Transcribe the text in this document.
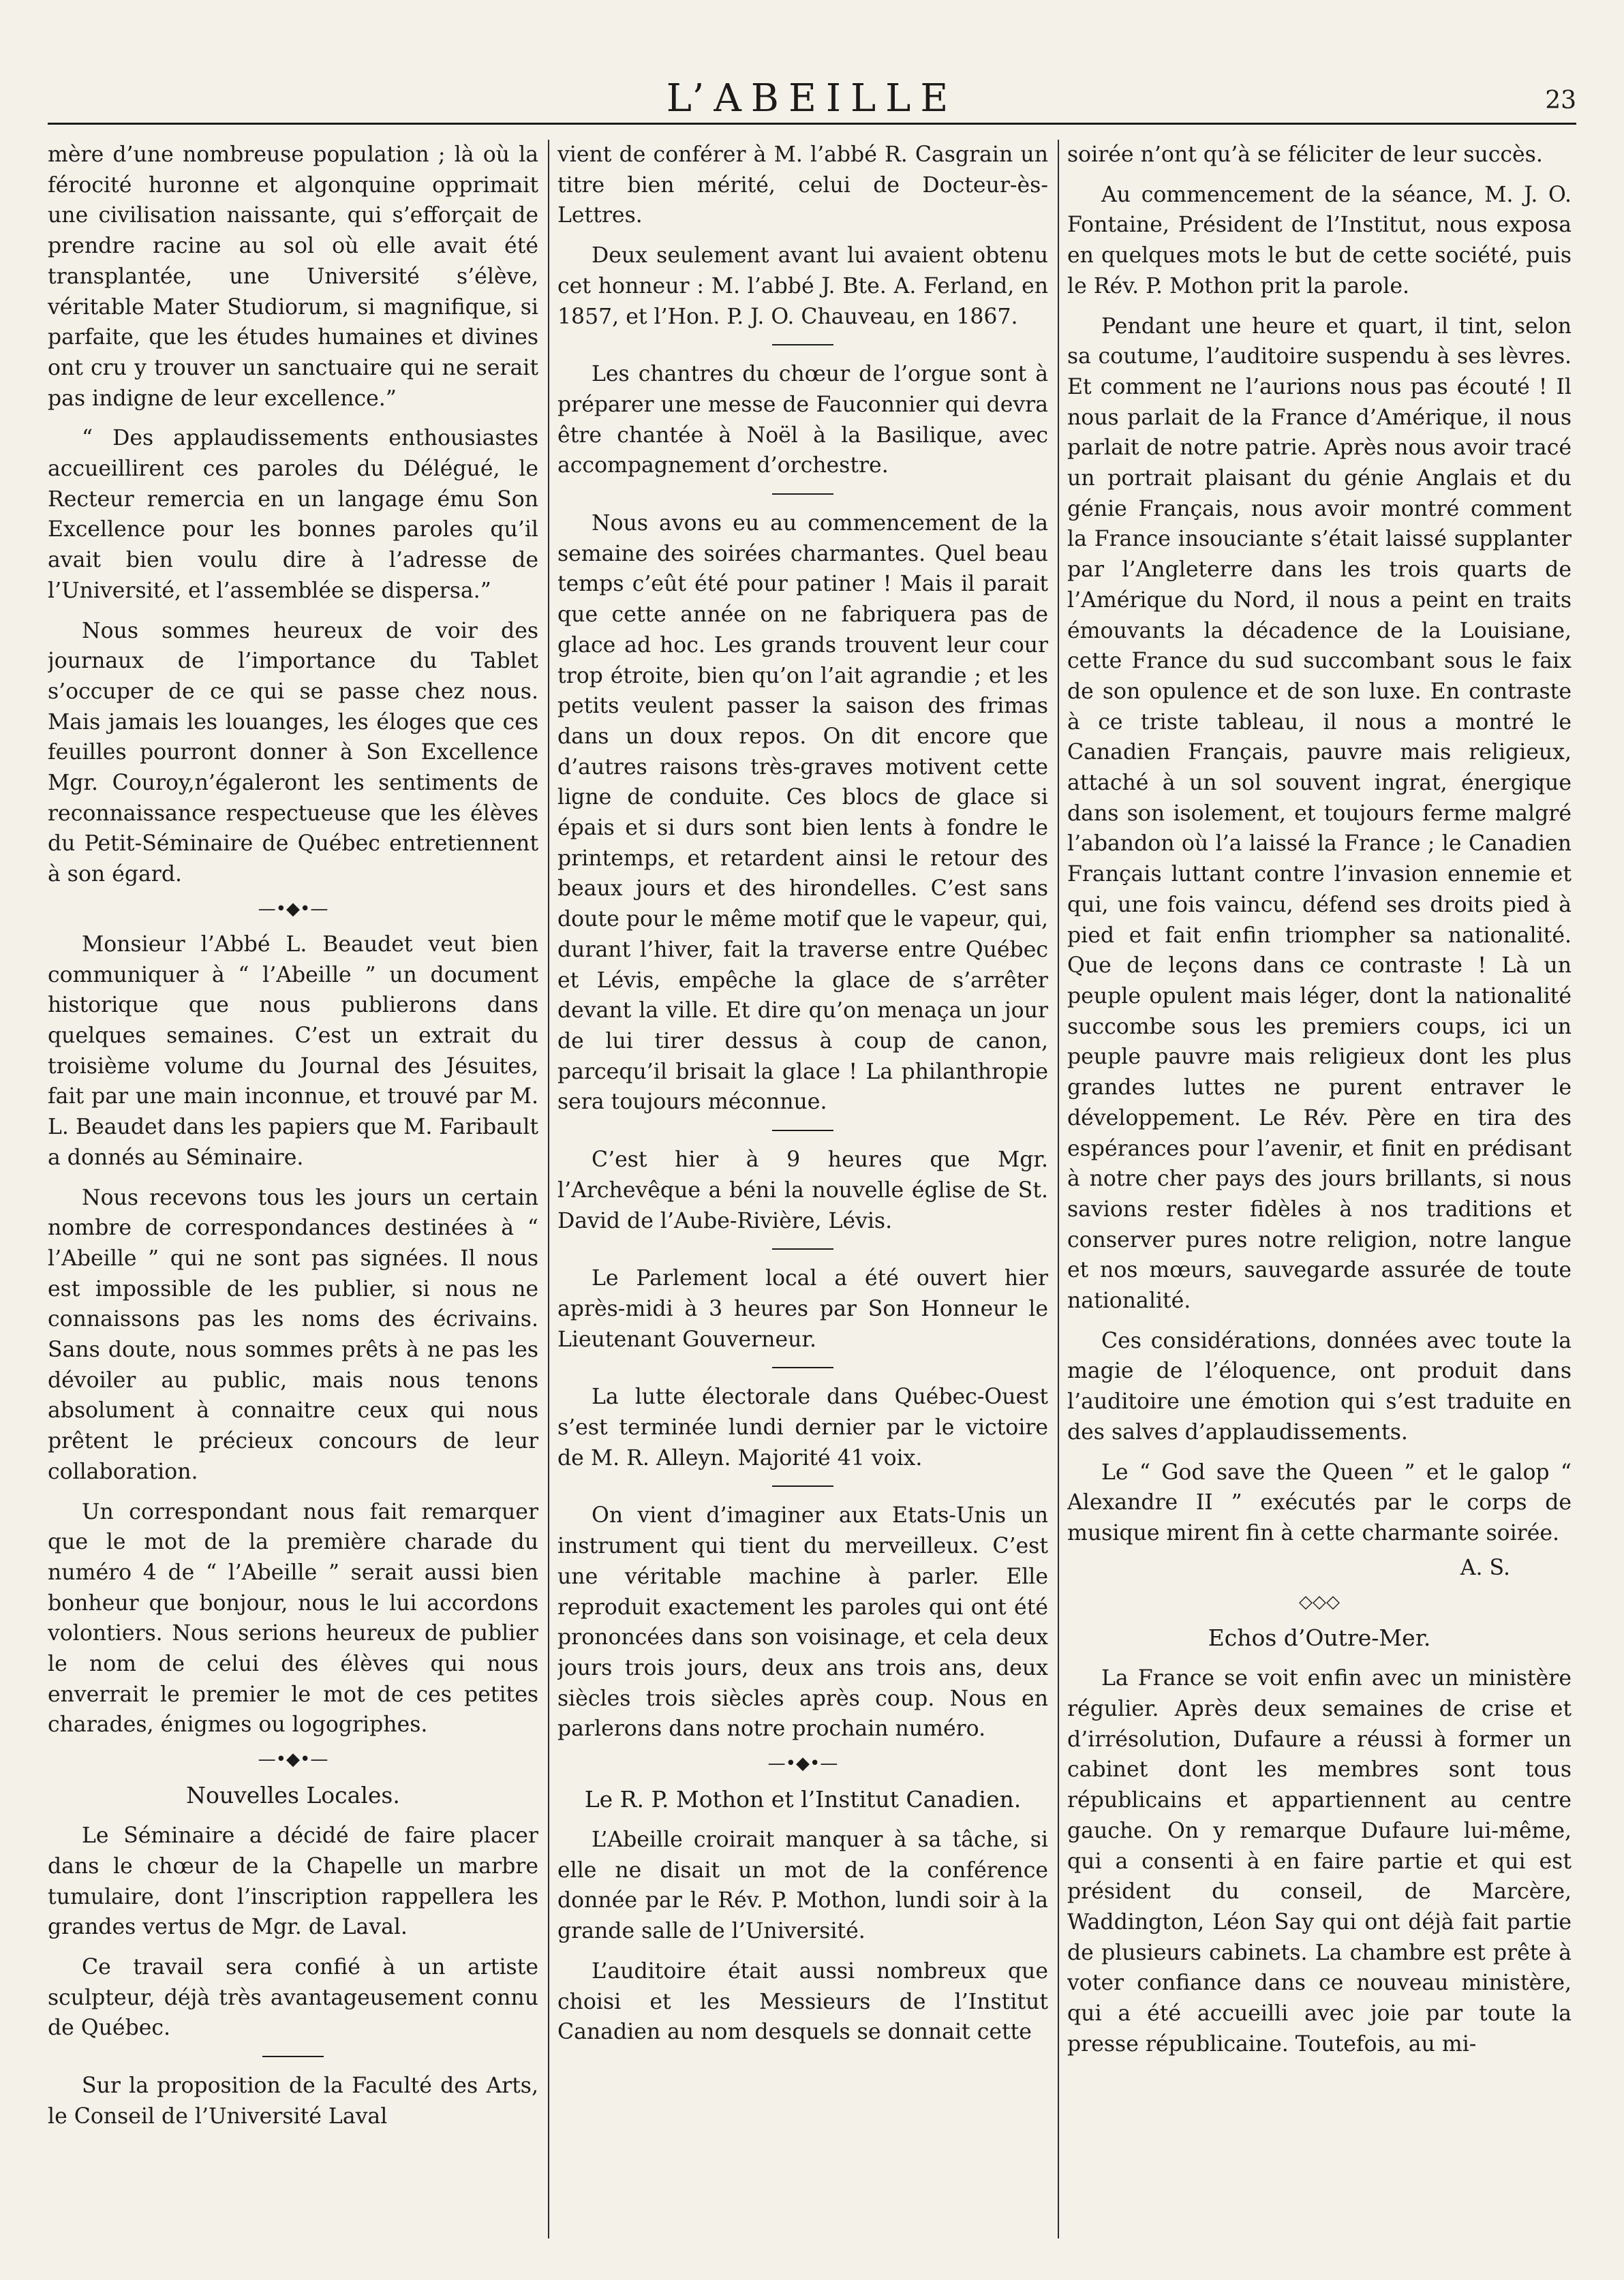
L’ABEILLE	23

mère d’une nombreuse population ; là où la férocité huronne et algonquine opprimait une civilisation naissante, qui s’efforçait de prendre racine au sol où elle avait été transplantée, une Université s’élève, véritable Mater Studiorum, si magnifique, si parfaite, que les études humaines et divines ont cru y trouver un sanctuaire qui ne serait pas indigne de leur excellence.”

“ Des applaudissements enthousiastes accueillirent ces paroles du Délégué, le Recteur remercia en un langage ému Son Excellence pour les bonnes paroles qu’il avait bien voulu dire à l’adresse de l’Université, et l’assemblée se dispersa.”

Nous sommes heureux de voir des journaux de l’importance du Tablet s’occuper de ce qui se passe chez nous. Mais jamais les louanges, les éloges que ces feuilles pourront donner à Son Excellence Mgr. Couroy,n’égaleront les sentiments de reconnaissance respectueuse que les élèves du Petit-Séminaire de Québec entretiennent à son égard.

—•◆•—

Monsieur l’Abbé L. Beaudet veut bien communiquer à “ l’Abeille ” un document historique que nous publierons dans quelques semaines. C’est un extrait du troisième volume du Journal des Jésuites, fait par une main inconnue, et trouvé par M. L. Beaudet dans les papiers que M. Faribault a donnés au Séminaire.

Nous recevons tous les jours un certain nombre de correspondances destinées à “ l’Abeille ” qui ne sont pas signées. Il nous est impossible de les publier, si nous ne connaissons pas les noms des écrivains. Sans doute, nous sommes prêts à ne pas les dévoiler au public, mais nous tenons absolument à connaitre ceux qui nous prêtent le précieux concours de leur collaboration.

Un correspondant nous fait remarquer que le mot de la première charade du numéro 4 de “ l’Abeille ” serait aussi bien bonheur que bonjour, nous le lui accordons volontiers. Nous serions heureux de publier le nom de celui des élèves qui nous enverrait le premier le mot de ces petites charades, énigmes ou logogriphes.

—•◆•—
Nouvelles Locales.

Le Séminaire a décidé de faire placer dans le chœur de la Chapelle un marbre tumulaire, dont l’inscription rappellera les grandes vertus de Mgr. de Laval.

Ce travail sera confié à un artiste sculpteur, déjà très avantageusement connu de Québec.

Sur la proposition de la Faculté des Arts, le Conseil de l’Université Laval

vient de conférer à M. l’abbé R. Casgrain un titre bien mérité, celui de Docteur-ès-Lettres.

Deux seulement avant lui avaient obtenu cet honneur : M. l’abbé J. Bte. A. Ferland, en 1857, et l’Hon. P. J. O. Chauveau, en 1867.

Les chantres du chœur de l’orgue sont à préparer une messe de Fauconnier qui devra être chantée à Noël à la Basilique, avec accompagnement d’orchestre.

Nous avons eu au commencement de la semaine des soirées charmantes. Quel beau temps c’eût été pour patiner ! Mais il parait que cette année on ne fabriquera pas de glace ad hoc. Les grands trouvent leur cour trop étroite, bien qu’on l’ait agrandie ; et les petits veulent passer la saison des frimas dans un doux repos. On dit encore que d’autres raisons très-graves motivent cette ligne de conduite. Ces blocs de glace si épais et si durs sont bien lents à fondre le printemps, et retardent ainsi le retour des beaux jours et des hirondelles. C’est sans doute pour le même motif que le vapeur, qui, durant l’hiver, fait la traverse entre Québec et Lévis, empêche la glace de s’arrêter devant la ville. Et dire qu’on menaça un jour de lui tirer dessus à coup de canon, parcequ’il brisait la glace ! La philanthropie sera toujours méconnue.

C’est hier à 9 heures que Mgr. l’Archevêque a béni la nouvelle église de St. David de l’Aube-Rivière, Lévis.

Le Parlement local a été ouvert hier après-midi à 3 heures par Son Honneur le Lieutenant Gouverneur.

La lutte électorale dans Québec-Ouest s’est terminée lundi dernier par le victoire de M. R. Alleyn. Majorité 41 voix.

On vient d’imaginer aux Etats-Unis un instrument qui tient du merveilleux. C’est une véritable machine à parler. Elle reproduit exactement les paroles qui ont été prononcées dans son voisinage, et cela deux jours trois jours, deux ans trois ans, deux siècles trois siècles après coup. Nous en parlerons dans notre prochain numéro.

—•◆•—
Le R. P. Mothon et l’Institut Canadien.

L’Abeille croirait manquer à sa tâche, si elle ne disait un mot de la conférence donnée par le Rév. P. Mothon, lundi soir à la grande salle de l’Université.

L’auditoire était aussi nombreux que choisi et les Messieurs de l’Institut Canadien au nom desquels se donnait cette

soirée n’ont qu’à se féliciter de leur succès.

Au commencement de la séance, M. J. O. Fontaine, Président de l’Institut, nous exposa en quelques mots le but de cette société, puis le Rév. P. Mothon prit la parole.

Pendant une heure et quart, il tint, selon sa coutume, l’auditoire suspendu à ses lèvres. Et comment ne l’aurions nous pas écouté ! Il nous parlait de la France d’Amérique, il nous parlait de notre patrie. Après nous avoir tracé un portrait plaisant du génie Anglais et du génie Français, nous avoir montré comment la France insouciante s’était laissé supplanter par l’Angleterre dans les trois quarts de l’Amérique du Nord, il nous a peint en traits émouvants la décadence de la Louisiane, cette France du sud succombant sous le faix de son opulence et de son luxe. En contraste à ce triste tableau, il nous a montré le Canadien Français, pauvre mais religieux, attaché à un sol souvent ingrat, énergique dans son isolement, et toujours ferme malgré l’abandon où l’a laissé la France ; le Canadien Français luttant contre l’invasion ennemie et qui, une fois vaincu, défend ses droits pied à pied et fait enfin triompher sa nationalité. Que de leçons dans ce contraste ! Là un peuple opulent mais léger, dont la nationalité succombe sous les premiers coups, ici un peuple pauvre mais religieux dont les plus grandes luttes ne purent entraver le développement. Le Rév. Père en tira des espérances pour l’avenir, et finit en prédisant à notre cher pays des jours brillants, si nous savions rester fidèles à nos traditions et conserver pures notre religion, notre langue et nos mœurs, sauvegarde assurée de toute nationalité.

Ces considérations, données avec toute la magie de l’éloquence, ont produit dans l’auditoire une émotion qui s’est traduite en des salves d’applaudissements.

Le “ God save the Queen ” et le galop “ Alexandre II ” exécutés par le corps de musique mirent fin à cette charmante soirée.

A. S.

◇◇◇
Echos d’Outre-Mer.

La France se voit enfin avec un ministère régulier. Après deux semaines de crise et d’irrésolution, Dufaure a réussi à former un cabinet dont les membres sont tous républicains et appartiennent au centre gauche. On y remarque Dufaure lui-même, qui a consenti à en faire partie et qui est président du conseil, de Marcère, Waddington, Léon Say qui ont déjà fait partie de plusieurs cabinets. La chambre est prête à voter confiance dans ce nouveau ministère, qui a été accueilli avec joie par toute la presse républicaine. Toutefois, au mi-
